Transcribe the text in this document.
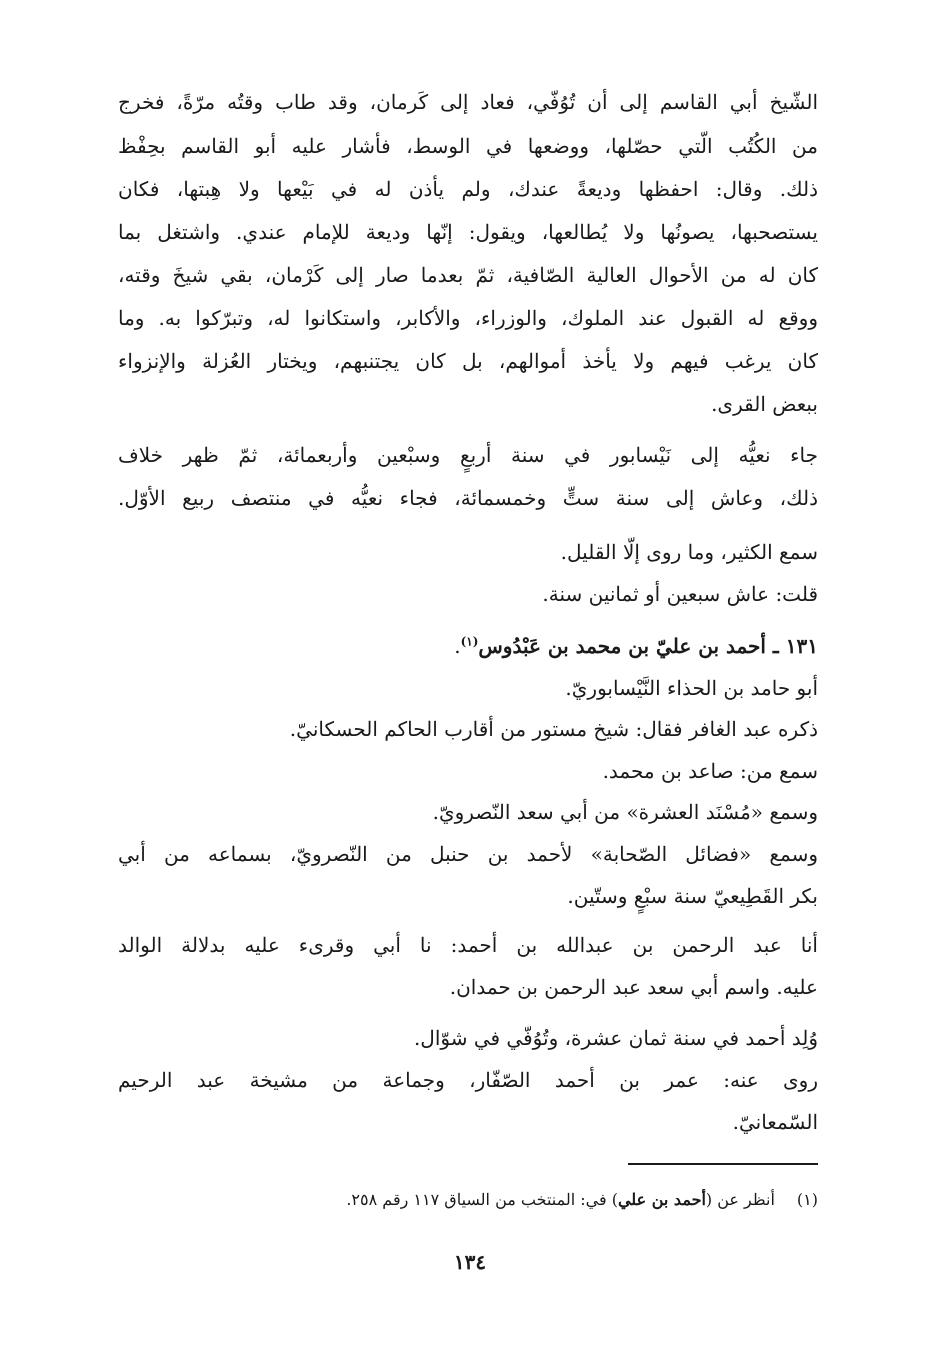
الشّيخ أبي القاسم إلى أن تُوُفّي، فعاد إلى كَرمان، وقد طاب وقتُه مرّةً، فخرج
من الكُتُب الّتي حصّلها، ووضعها في الوسط، فأشار عليه أبو القاسم بحِفْظ
ذلك. وقال: احفظها وديعةً عندك، ولم يأذن له في بَيْعها ولا هِبتها، فكان
يستصحبها، يصونُها ولا يُطالعها، ويقول: إنّها وديعة للإمام عندي. واشتغل بما
كان له من الأحوال العالية الصّافية، ثمّ بعدما صار إلى كَرْمان، بقي شيخَ وقته،
ووقع له القبول عند الملوك، والوزراء، والأكابر، واستكانوا له، وتبرّكوا به. وما
كان يرغب فيهم ولا يأخذ أموالهم، بل كان يجتنبهم، ويختار العُزلة والإنزواء
ببعض القرى.
جاء نعيُّه إلى نَيْسابور في سنة أربعٍ وسبْعين وأربعمائة، ثمّ ظهر خلاف
ذلك، وعاش إلى سنة ستٍّ وخمسمائة، فجاء نعيُّه في منتصف ربيع الأوّل.
سمع الكثير، وما روى إلّا القليل.
قلت: عاش سبعين أو ثمانين سنة.
١٣١ ـ أحمد بن عليّ بن محمد بن عَبْدُوس$^{(١)}$.
أبو حامد بن الحذاء النَّيْسابوريّ.
ذكره عبد الغافر فقال: شيخ مستور من أقارب الحاكم الحسكانيّ.
سمع من: صاعد بن محمد.
وسمع «مُسْنَد العشرة» من أبي سعد النّصرويّ.
وسمع «فضائل الصّحابة» لأحمد بن حنبل من النّصرويّ، بسماعه من أبي
بكر القَطِيعيّ سنة سبْعٍ وستّين.
أنا عبد الرحمن بن عبدالله بن أحمد: نا أبي وقرىء عليه بدلالة الوالد
عليه. واسم أبي سعد عبد الرحمن بن حمدان.
وُلِد أحمد في سنة ثمان عشرة، وتُوُفّي في شوّال.
روى عنه: عمر بن أحمد الصّفّار، وجماعة من مشيخة عبد الرحيم
السّمعانيّ.
(١)أنظر عن (أحمد بن علي) في: المنتخب من السياق ١١٧ رقم ٢٥٨.
١٣٤
